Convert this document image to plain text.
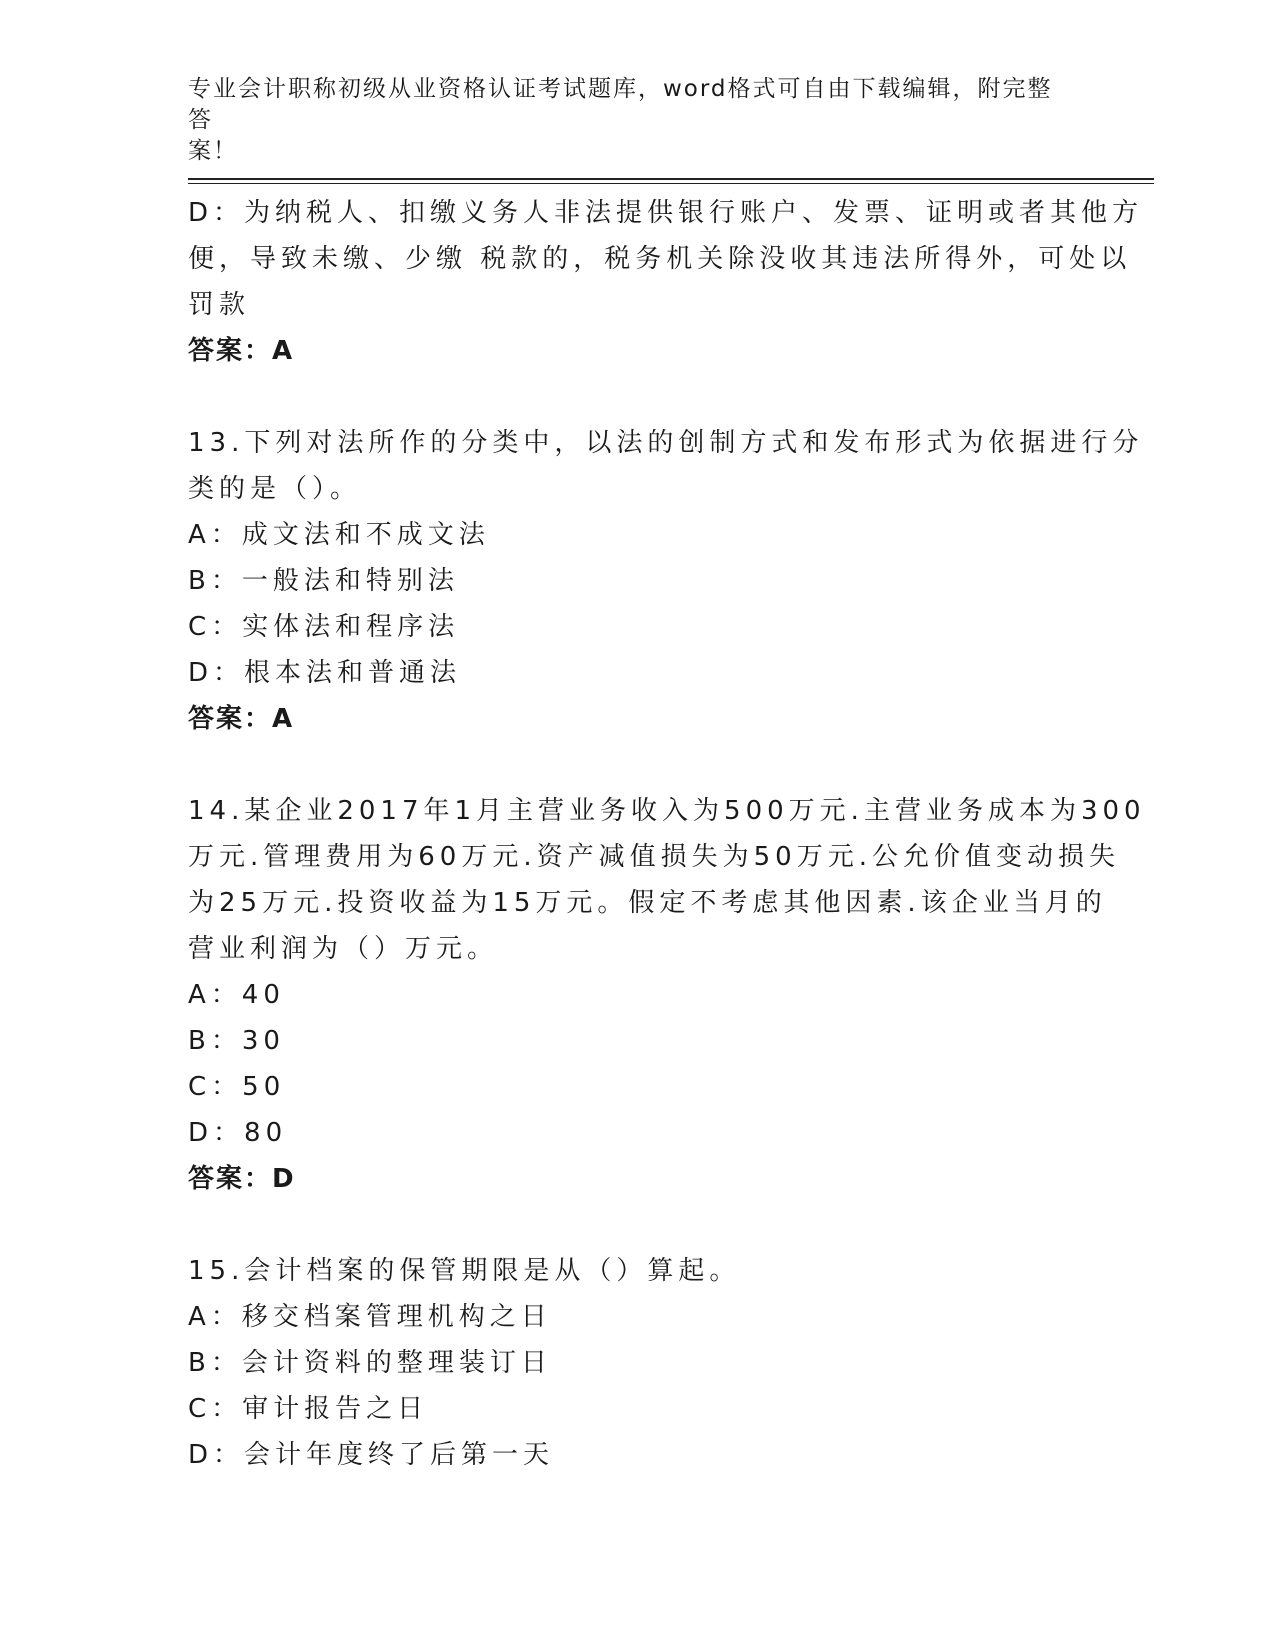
专业会计职称初级从业资格认证考试题库，word格式可自由下载编辑，附完整答
案！
D：为纳税人、扣缴义务人非法提供银行账户、发票、证明或者其他方
便，导致未缴、少缴 税款的，税务机关除没收其违法所得外，可处以
罚款
答案：A
13.下列对法所作的分类中，以法的创制方式和发布形式为依据进行分
类的是（）。
A：成文法和不成文法
B：一般法和特别法
C：实体法和程序法
D：根本法和普通法
答案：A
14.某企业2017年1月主营业务收入为500万元.主营业务成本为300
万元.管理费用为60万元.资产减值损失为50万元.公允价值变动损失
为25万元.投资收益为15万元。假定不考虑其他因素.该企业当月的
营业利润为（）万元。
A：40
B：30
C：50
D：80
答案：D
15.会计档案的保管期限是从（）算起。
A：移交档案管理机构之日
B：会计资料的整理装订日
C：审计报告之日
D：会计年度终了后第一天
